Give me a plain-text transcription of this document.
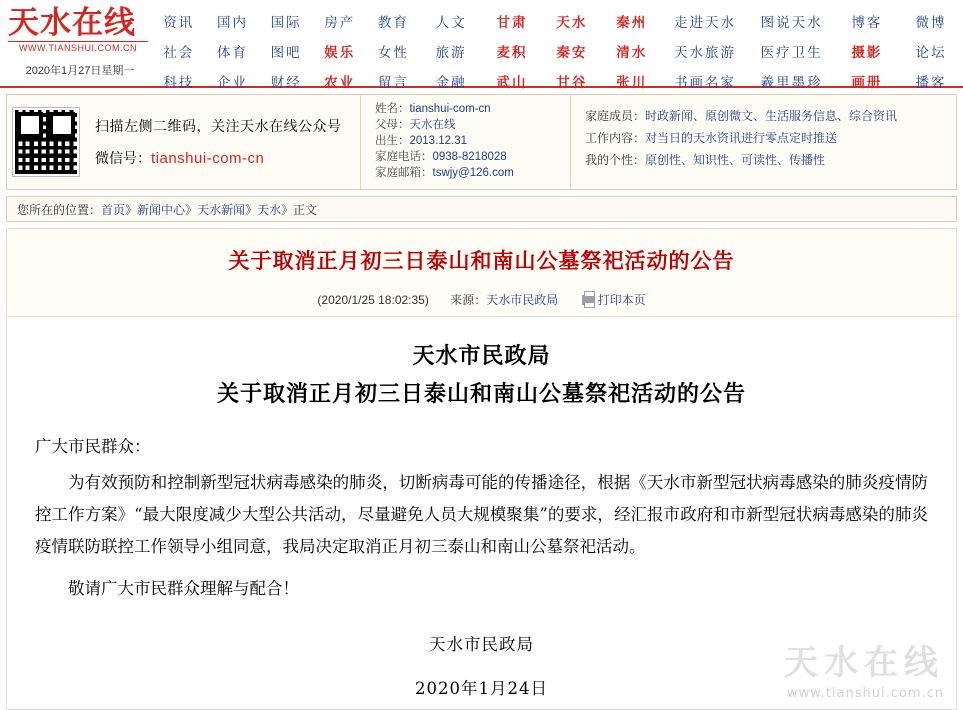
天水在线
WWW.TIANSHUI.COM.CN
2020年1月27日星期一
资讯	国内	国际	房产	教育	人文	甘肃	天水	秦州	走进天水	图说天水	博客	微博
社会	体育	图吧	娱乐	女性	旅游	麦积	秦安	清水	天水旅游	医疗卫生	摄影	论坛
科技	企业	财经	农业	留言	金融	武山	甘谷	张川	书画名家	羲里墨珍	画册	播客
扫描左侧二维码，关注天水在线公众号
微信号：tianshui-com-cn
姓名：tianshui-com-cn
父母：天水在线
出生：2013.12.31
家庭电话：0938-8218028
家庭邮箱：tswjy@126.com
家庭成员：时政新闻、原创微文、生活服务信息、综合资讯
工作内容：对当日的天水资讯进行零点定时推送
我的个性：原创性、知识性、可读性、传播性
您所在的位置：首页》新闻中心》天水新闻》天水》正文
关于取消正月初三日泰山和南山公墓祭祀活动的公告
(2020/1/25 18:02:35) 来源：天水市民政局	打印本页
天水市民政局
关于取消正月初三日泰山和南山公墓祭祀活动的公告
广大市民群众：
为有效预防和控制新型冠状病毒感染的肺炎，切断病毒可能的传播途径，根据《天水市新型冠状病毒感染的肺炎疫情防控工作方案》“最大限度减少大型公共活动，尽量避免人员大规模聚集”的要求，经汇报市政府和市新型冠状病毒感染的肺炎疫情联防联控工作领导小组同意，我局决定取消正月初三泰山和南山公墓祭祀活动。
敬请广大市民群众理解与配合！
天水市民政局
2020年1月24日
天水在线
www.tianshui.com.cn
